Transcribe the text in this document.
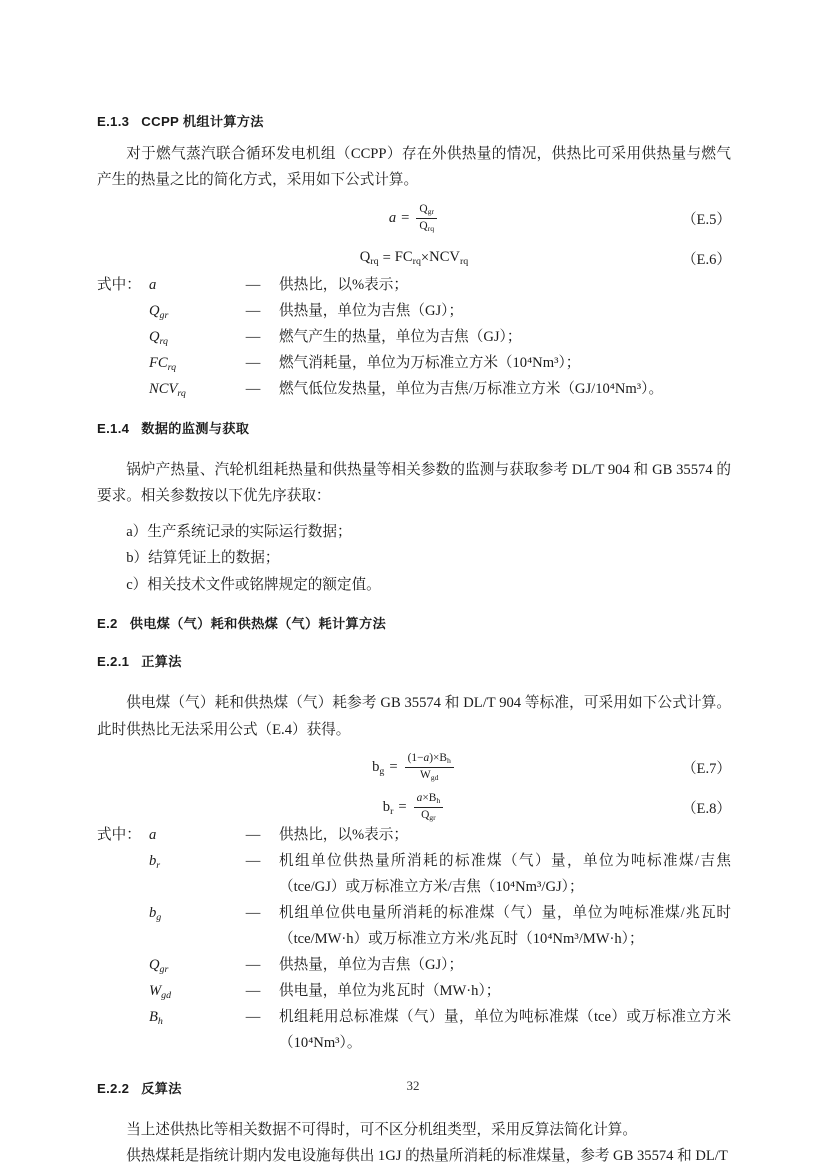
E.1.3 CCPP 机组计算方法

对于燃气蒸汽联合循环发电机组（CCPP）存在外供热量的情况，供热比可采用供热量与燃气产生的热量之比的简化方式，采用如下公式计算。

$a = \frac{Q_{gr}}{Q_{rq}}$	（E.5）
$Q_{rq} = FC_{rq} \times NCV_{rq}$	（E.6）
式中： a	—	供热比，以%表示；
$Q_{gr}$	—	供热量，单位为吉焦（GJ）；
$Q_{rq}$	—	燃气产生的热量，单位为吉焦（GJ）；
$FC_{rq}$	—	燃气消耗量，单位为万标准立方米（10⁴Nm³）；
$NCV_{rq}$	—	燃气低位发热量，单位为吉焦/万标准立方米（GJ/10⁴Nm³）。
E.1.4 数据的监测与获取

锅炉产热量、汽轮机组耗热量和供热量等相关参数的监测与获取参考 DL/T 904 和 GB 35574 的要求。相关参数按以下优先序获取：

a）生产系统记录的实际运行数据；

b）结算凭证上的数据；

c）相关技术文件或铭牌规定的额定值。

E.2 供电煤（气）耗和供热煤（气）耗计算方法
E.2.1 正算法

供电煤（气）耗和供热煤（气）耗参考 GB 35574 和 DL/T 904 等标准，可采用如下公式计算。此时供热比无法采用公式（E.4）获得。

$b_g = \frac{(1-a)\times B_h}{W_{gd}}$	（E.7）
$b_r = \frac{a\times B_h}{Q_{gr}}$	（E.8）
式中： a	—	供热比，以%表示；
$b_r$	—	机组单位供热量所消耗的标准煤（气）量，单位为吨标准煤/吉焦（tce/GJ）或万标准立方米/吉焦（10⁴Nm³/GJ）；
$b_g$	—	机组单位供电量所消耗的标准煤（气）量，单位为吨标准煤/兆瓦时（tce/MW·h）或万标准立方米/兆瓦时（10⁴Nm³/MW·h）；
$Q_{gr}$	—	供热量，单位为吉焦（GJ）；
$W_{gd}$	—	供电量，单位为兆瓦时（MW·h）；
$B_h$	—	机组耗用总标准煤（气）量，单位为吨标准煤（tce）或万标准立方米（10⁴Nm³）。
E.2.2 反算法

当上述供热比等相关数据不可得时，可不区分机组类型，采用反算法简化计算。

供热煤耗是指统计期内发电设施每供出 1GJ 的热量所消耗的标准煤量，参考 GB 35574 和 DL/T

32
